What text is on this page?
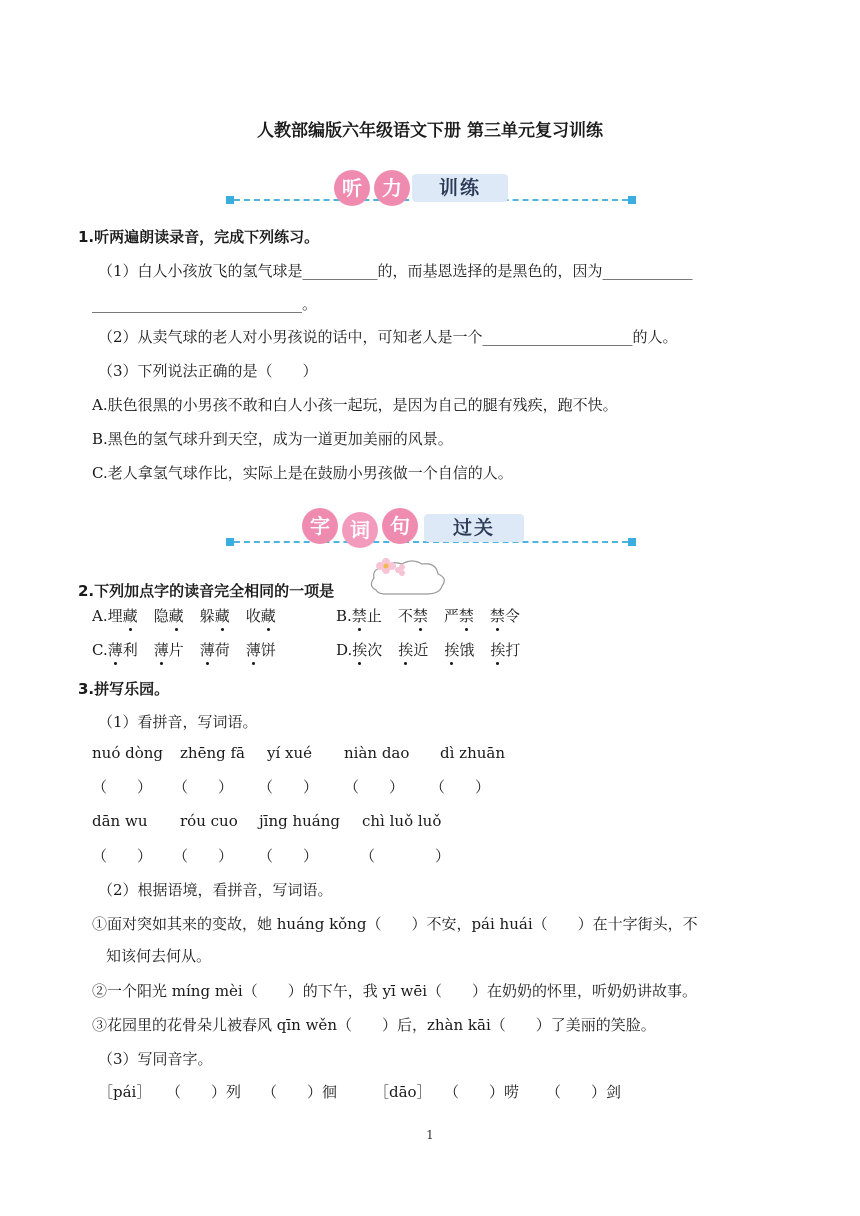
人教部编版六年级语文下册 第三单元复习训练
听	力	训练
1.听两遍朗读录音，完成下列练习。
（1）白人小孩放飞的氢气球是__________的，而基恩选择的是黑色的，因为____________
____________________________。
（2）从卖气球的老人对小男孩说的话中，可知老人是一个____________________的人。
（3）下列说法正确的是（　　）
A.肤色很黑的小男孩不敢和白人小孩一起玩，是因为自己的腿有残疾，跑不快。
B.黑色的氢气球升到天空，成为一道更加美丽的风景。
C.老人拿氢气球作比，实际上是在鼓励小男孩做一个自信的人。
字	词	句	过关
2.下列加点字的读音完全相同的一项是
A.埋藏 隐藏 躲藏 收藏	B.禁止 不禁 严禁 禁令
C.薄利 薄片 薄荷 薄饼	D.挨次 挨近 挨饿 挨打
3.拼写乐园。
（1）看拼音，写词语。
nuó dòng zhēng fā yí xué niàn dao dì zhuān
（　　） （　　） （　　） （　　） （　　）
dān wu róu cuo jīng huáng chì luǒ luǒ
（　　） （　　） （　　）	（　　　　）
（2）根据语境，看拼音，写词语。
①面对突如其来的变故，她 huáng kǒng（　　）不安，pái huái（　　）在十字街头，不
知该何去何从。
②一个阳光 míng mèi（　　）的下午，我 yī wēi（　　）在奶奶的怀里，听奶奶讲故事。
③花园里的花骨朵儿被春风 qīn wěn（　　）后，zhàn kāi（　　）了美丽的笑脸。
（3）写同音字。
［pái］ （　　）列 （　　）徊 ［dāo］ （　　）唠 （　　）剑
1
